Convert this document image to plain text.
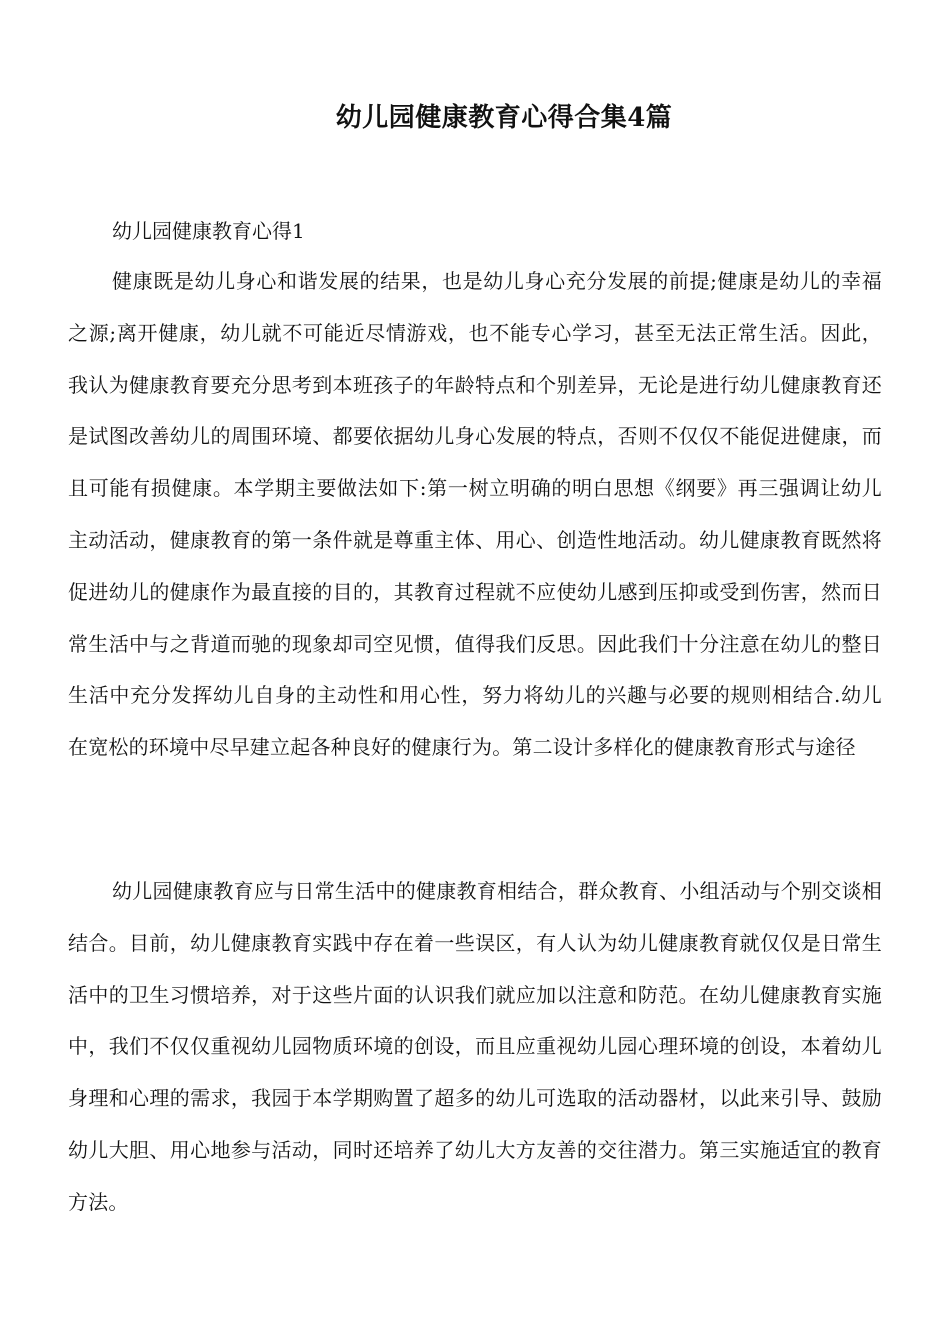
幼儿园健康教育心得合集4篇

幼儿园健康教育心得1

健康既是幼儿身心和谐发展的结果，也是幼儿身心充分发展的前提;健康是幼儿的幸福之源;离开健康，幼儿就不可能近尽情游戏，也不能专心学习，甚至无法正常生活。因此，我认为健康教育要充分思考到本班孩子的年龄特点和个别差异，无论是进行幼儿健康教育还是试图改善幼儿的周围环境、都要依据幼儿身心发展的特点，否则不仅仅不能促进健康，而且可能有损健康。本学期主要做法如下:第一树立明确的明白思想《纲要》再三强调让幼儿主动活动，健康教育的第一条件就是尊重主体、用心、创造性地活动。幼儿健康教育既然将促进幼儿的健康作为最直接的目的，其教育过程就不应使幼儿感到压抑或受到伤害，然而日常生活中与之背道而驰的现象却司空见惯，值得我们反思。因此我们十分注意在幼儿的整日生活中充分发挥幼儿自身的主动性和用心性，努力将幼儿的兴趣与必要的规则相结合.幼儿在宽松的环境中尽早建立起各种良好的健康行为。第二设计多样化的健康教育形式与途径

幼儿园健康教育应与日常生活中的健康教育相结合，群众教育、小组活动与个别交谈相结合。目前，幼儿健康教育实践中存在着一些误区，有人认为幼儿健康教育就仅仅是日常生活中的卫生习惯培养，对于这些片面的认识我们就应加以注意和防范。在幼儿健康教育实施中，我们不仅仅重视幼儿园物质环境的创设，而且应重视幼儿园心理环境的创设，本着幼儿身理和心理的需求，我园于本学期购置了超多的幼儿可选取的活动器材，以此来引导、鼓励幼儿大胆、用心地参与活动，同时还培养了幼儿大方友善的交往潜力。第三实施适宜的教育方法。
